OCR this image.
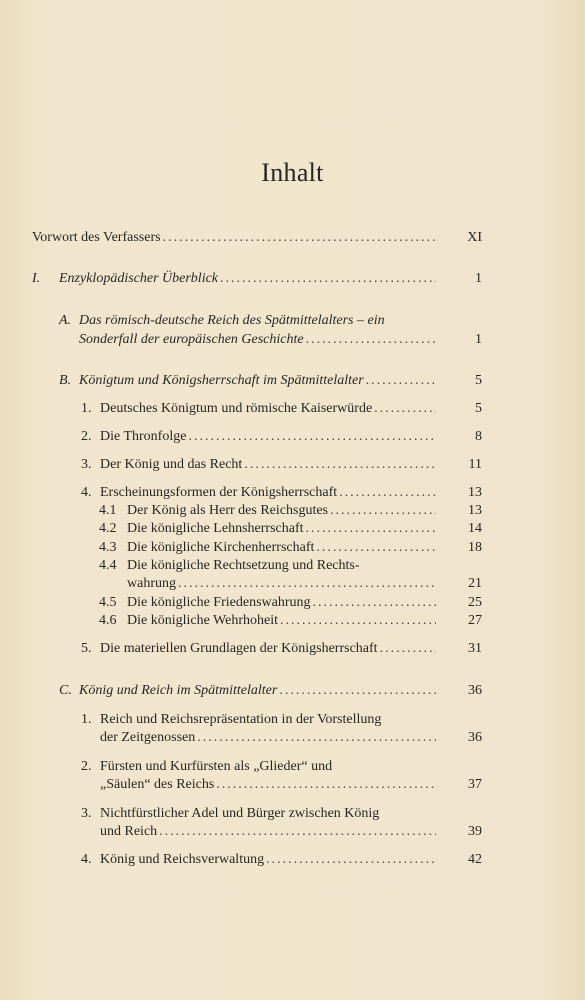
Inhalt
Vorwort des Verfassers .....	XI
I. Enzyklopädischer Überblick .....	1
A. Das römisch-deutsche Reich des Spätmittelalters – ein
Sonderfall der europäischen Geschichte .....	1
B. Königtum und Königsherrschaft im Spätmittelalter .....	5
1. Deutsches Königtum und römische Kaiserwürde .....	5
2. Die Thronfolge .....	8
3. Der König und das Recht .....	11
4. Erscheinungsformen der Königsherrschaft .....	13
4.1 Der König als Herr des Reichsgutes .....	13
4.2 Die königliche Lehnsherrschaft .....	14
4.3 Die königliche Kirchenherrschaft .....	18
4.4 Die königliche Rechtsetzung und Rechts-
wahrung .....	21
4.5 Die königliche Friedenswahrung .....	25
4.6 Die königliche Wehrhoheit .....	27
5. Die materiellen Grundlagen der Königsherrschaft .....	31
C. König und Reich im Spätmittelalter .....	36
1. Reich und Reichsrepräsentation in der Vorstellung
der Zeitgenossen .....	36
2. Fürsten und Kurfürsten als „Glieder“ und
„Säulen“ des Reichs .....	37
3. Nichtfürstlicher Adel und Bürger zwischen König
und Reich .....	39
4. König und Reichsverwaltung .....	42
